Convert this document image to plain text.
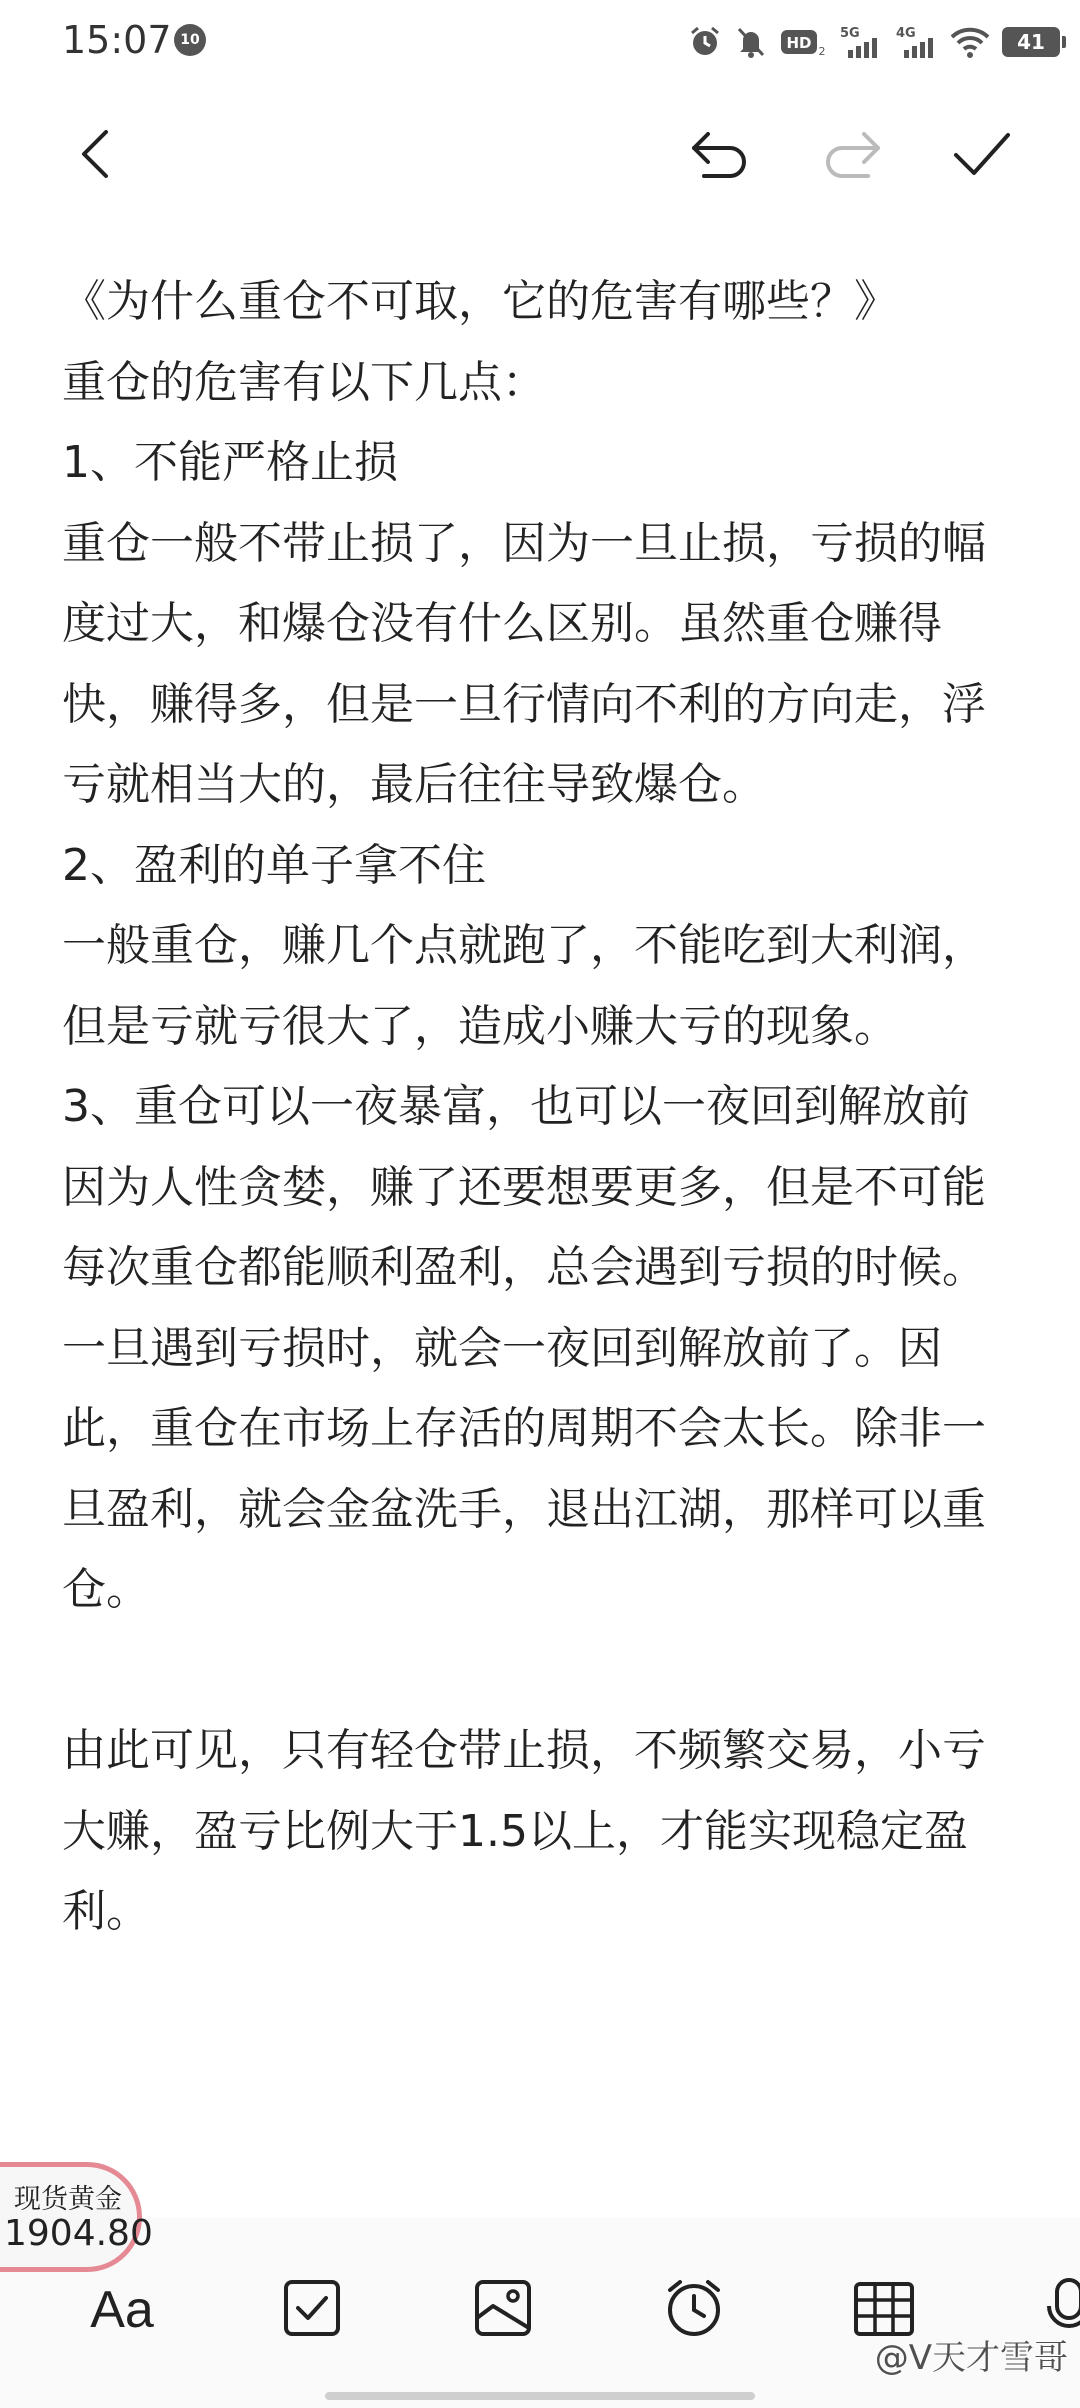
15:07 10	HD 2
5G	4G	41

《为什么重仓不可取，它的危害有哪些？》

重仓的危害有以下几点：

1、不能严格止损

重仓一般不带止损了，因为一旦止损，亏损的幅度过大，和爆仓没有什么区别。虽然重仓赚得快，赚得多，但是一旦行情向不利的方向走，浮亏就相当大的，最后往往导致爆仓。

2、盈利的单子拿不住

一般重仓，赚几个点就跑了，不能吃到大利润，但是亏就亏很大了，造成小赚大亏的现象。

3、重仓可以一夜暴富，也可以一夜回到解放前

因为人性贪婪，赚了还要想要更多，但是不可能每次重仓都能顺利盈利，总会遇到亏损的时候。一旦遇到亏损时，就会一夜回到解放前了。因此，重仓在市场上存活的周期不会太长。除非一旦盈利，就会金盆洗手，退出江湖，那样可以重仓。

由此可见，只有轻仓带止损，不频繁交易，小亏大赚，盈亏比例大于1.5以上，才能实现稳定盈利。

Aa
@V天才雪哥
现货黄金
1904.80
